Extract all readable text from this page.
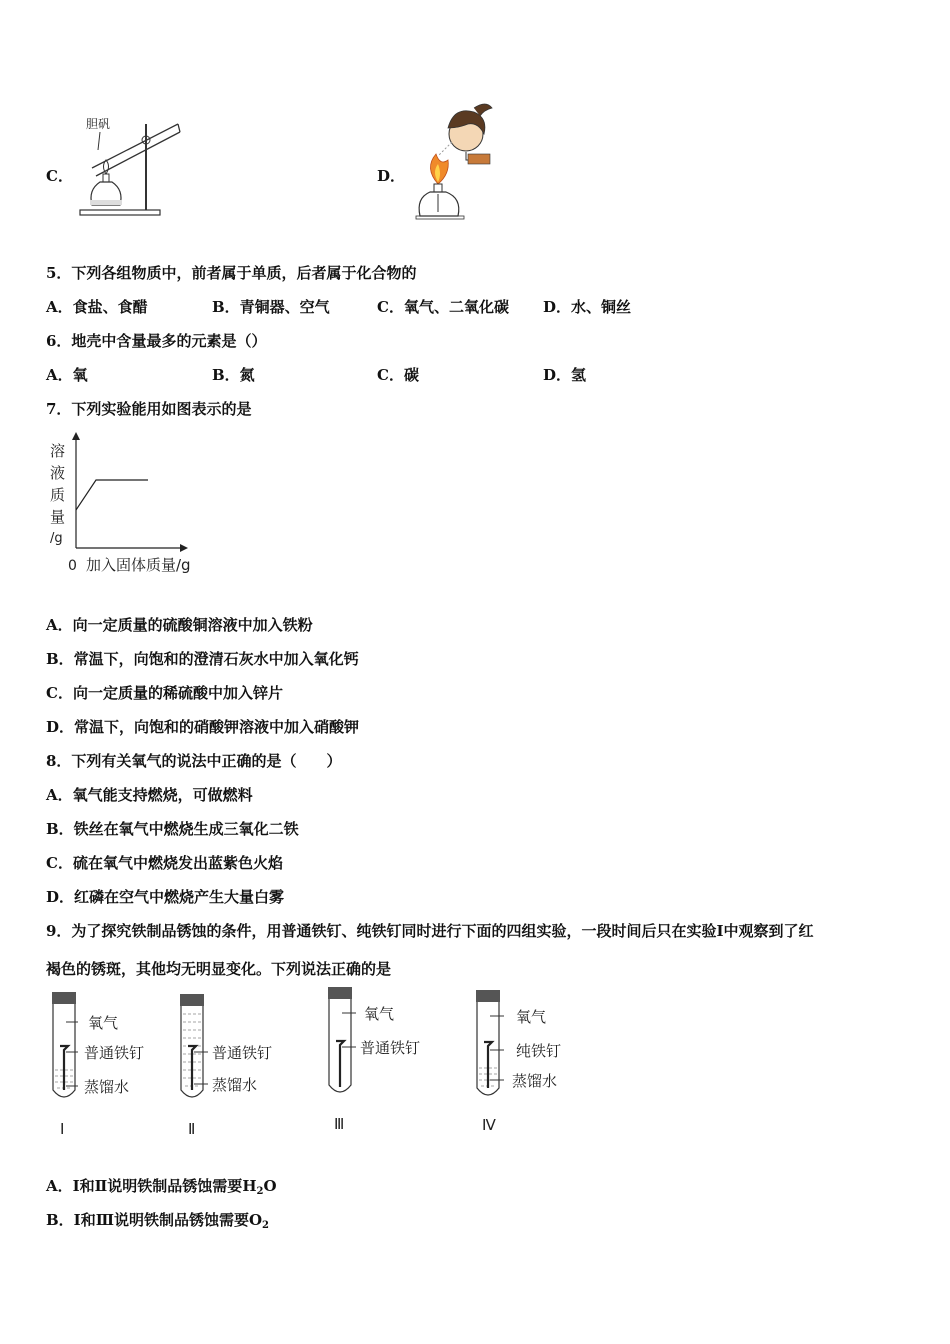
C．
胆矾
D．
5．下列各组物质中，前者属于单质，后者属于化合物的
A．食盐、食醋	B．青铜器、空气	C．氧气、二氧化碳 D．水、铜丝
6．地壳中含量最多的元素是（）
A．氧	B．氮	C．碳	D．氢
7．下列实验能用如图表示的是
溶
液
质
量
/g
0 加入固体质量/g
A．向一定质量的硫酸铜溶液中加入铁粉
B．常温下，向饱和的澄清石灰水中加入氧化钙
C．向一定质量的稀硫酸中加入锌片
D．常温下，向饱和的硝酸钾溶液中加入硝酸钾
8．下列有关氧气的说法中正确的是（　　）
A．氧气能支持燃烧，可做燃料
B．铁丝在氧气中燃烧生成三氧化二铁
C．硫在氧气中燃烧发出蓝紫色火焰
D．红磷在空气中燃烧产生大量白雾
9．为了探究铁制品锈蚀的条件，用普通铁钉、纯铁钉同时进行下面的四组实验，一段时间后只在实验Ⅰ中观察到了红
褐色的锈斑，其他均无明显变化。下列说法正确的是
氧气
普通铁钉
蒸馏水
Ⅰ
普通铁钉
蒸馏水
Ⅱ
氧气
普通铁钉
Ⅲ
氧气
纯铁钉
蒸馏水
Ⅳ
A．Ⅰ和Ⅱ说明铁制品锈蚀需要$H_2O$
B．Ⅰ和Ⅲ说明铁制品锈蚀需要$O_2$
